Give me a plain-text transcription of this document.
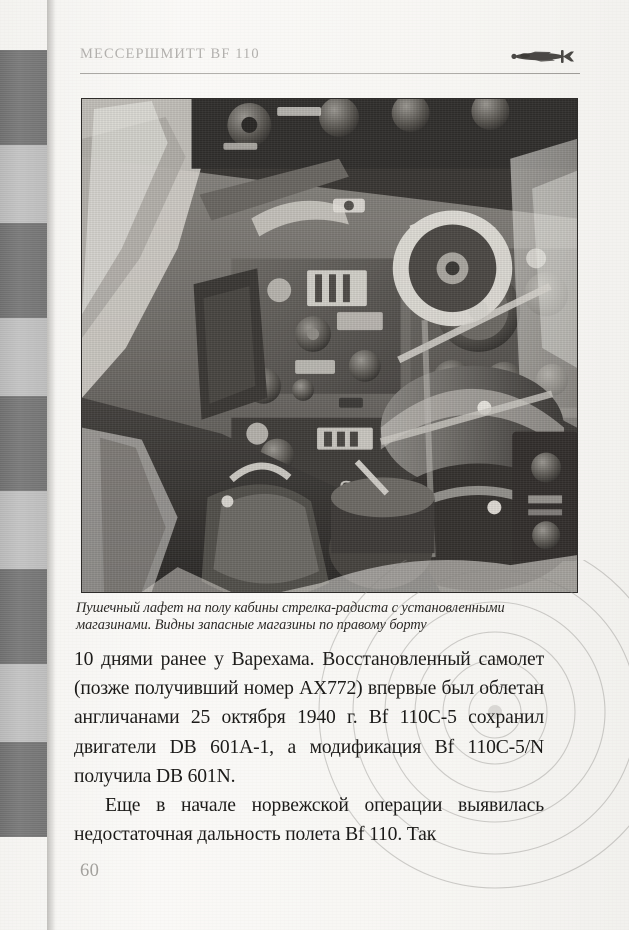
МЕССЕРШМИТТ BF 110
Пушечный лафет на полу кабины стрелка-радиста с установленными
магазинами. Видны запасные магазины по правому борту

10 днями ранее у Варехама. Восстановленный самолет (позже получивший номер AX772) впервые был облетан англичанами 25 октября 1940 г. Bf 110C-5 сохранил двигатели DB 601A-1, а модификация Bf 110C-5/N получила DB 601N.

Еще в начале норвежской операции выявилась недостаточная дальность полета Bf 110. Так

60
